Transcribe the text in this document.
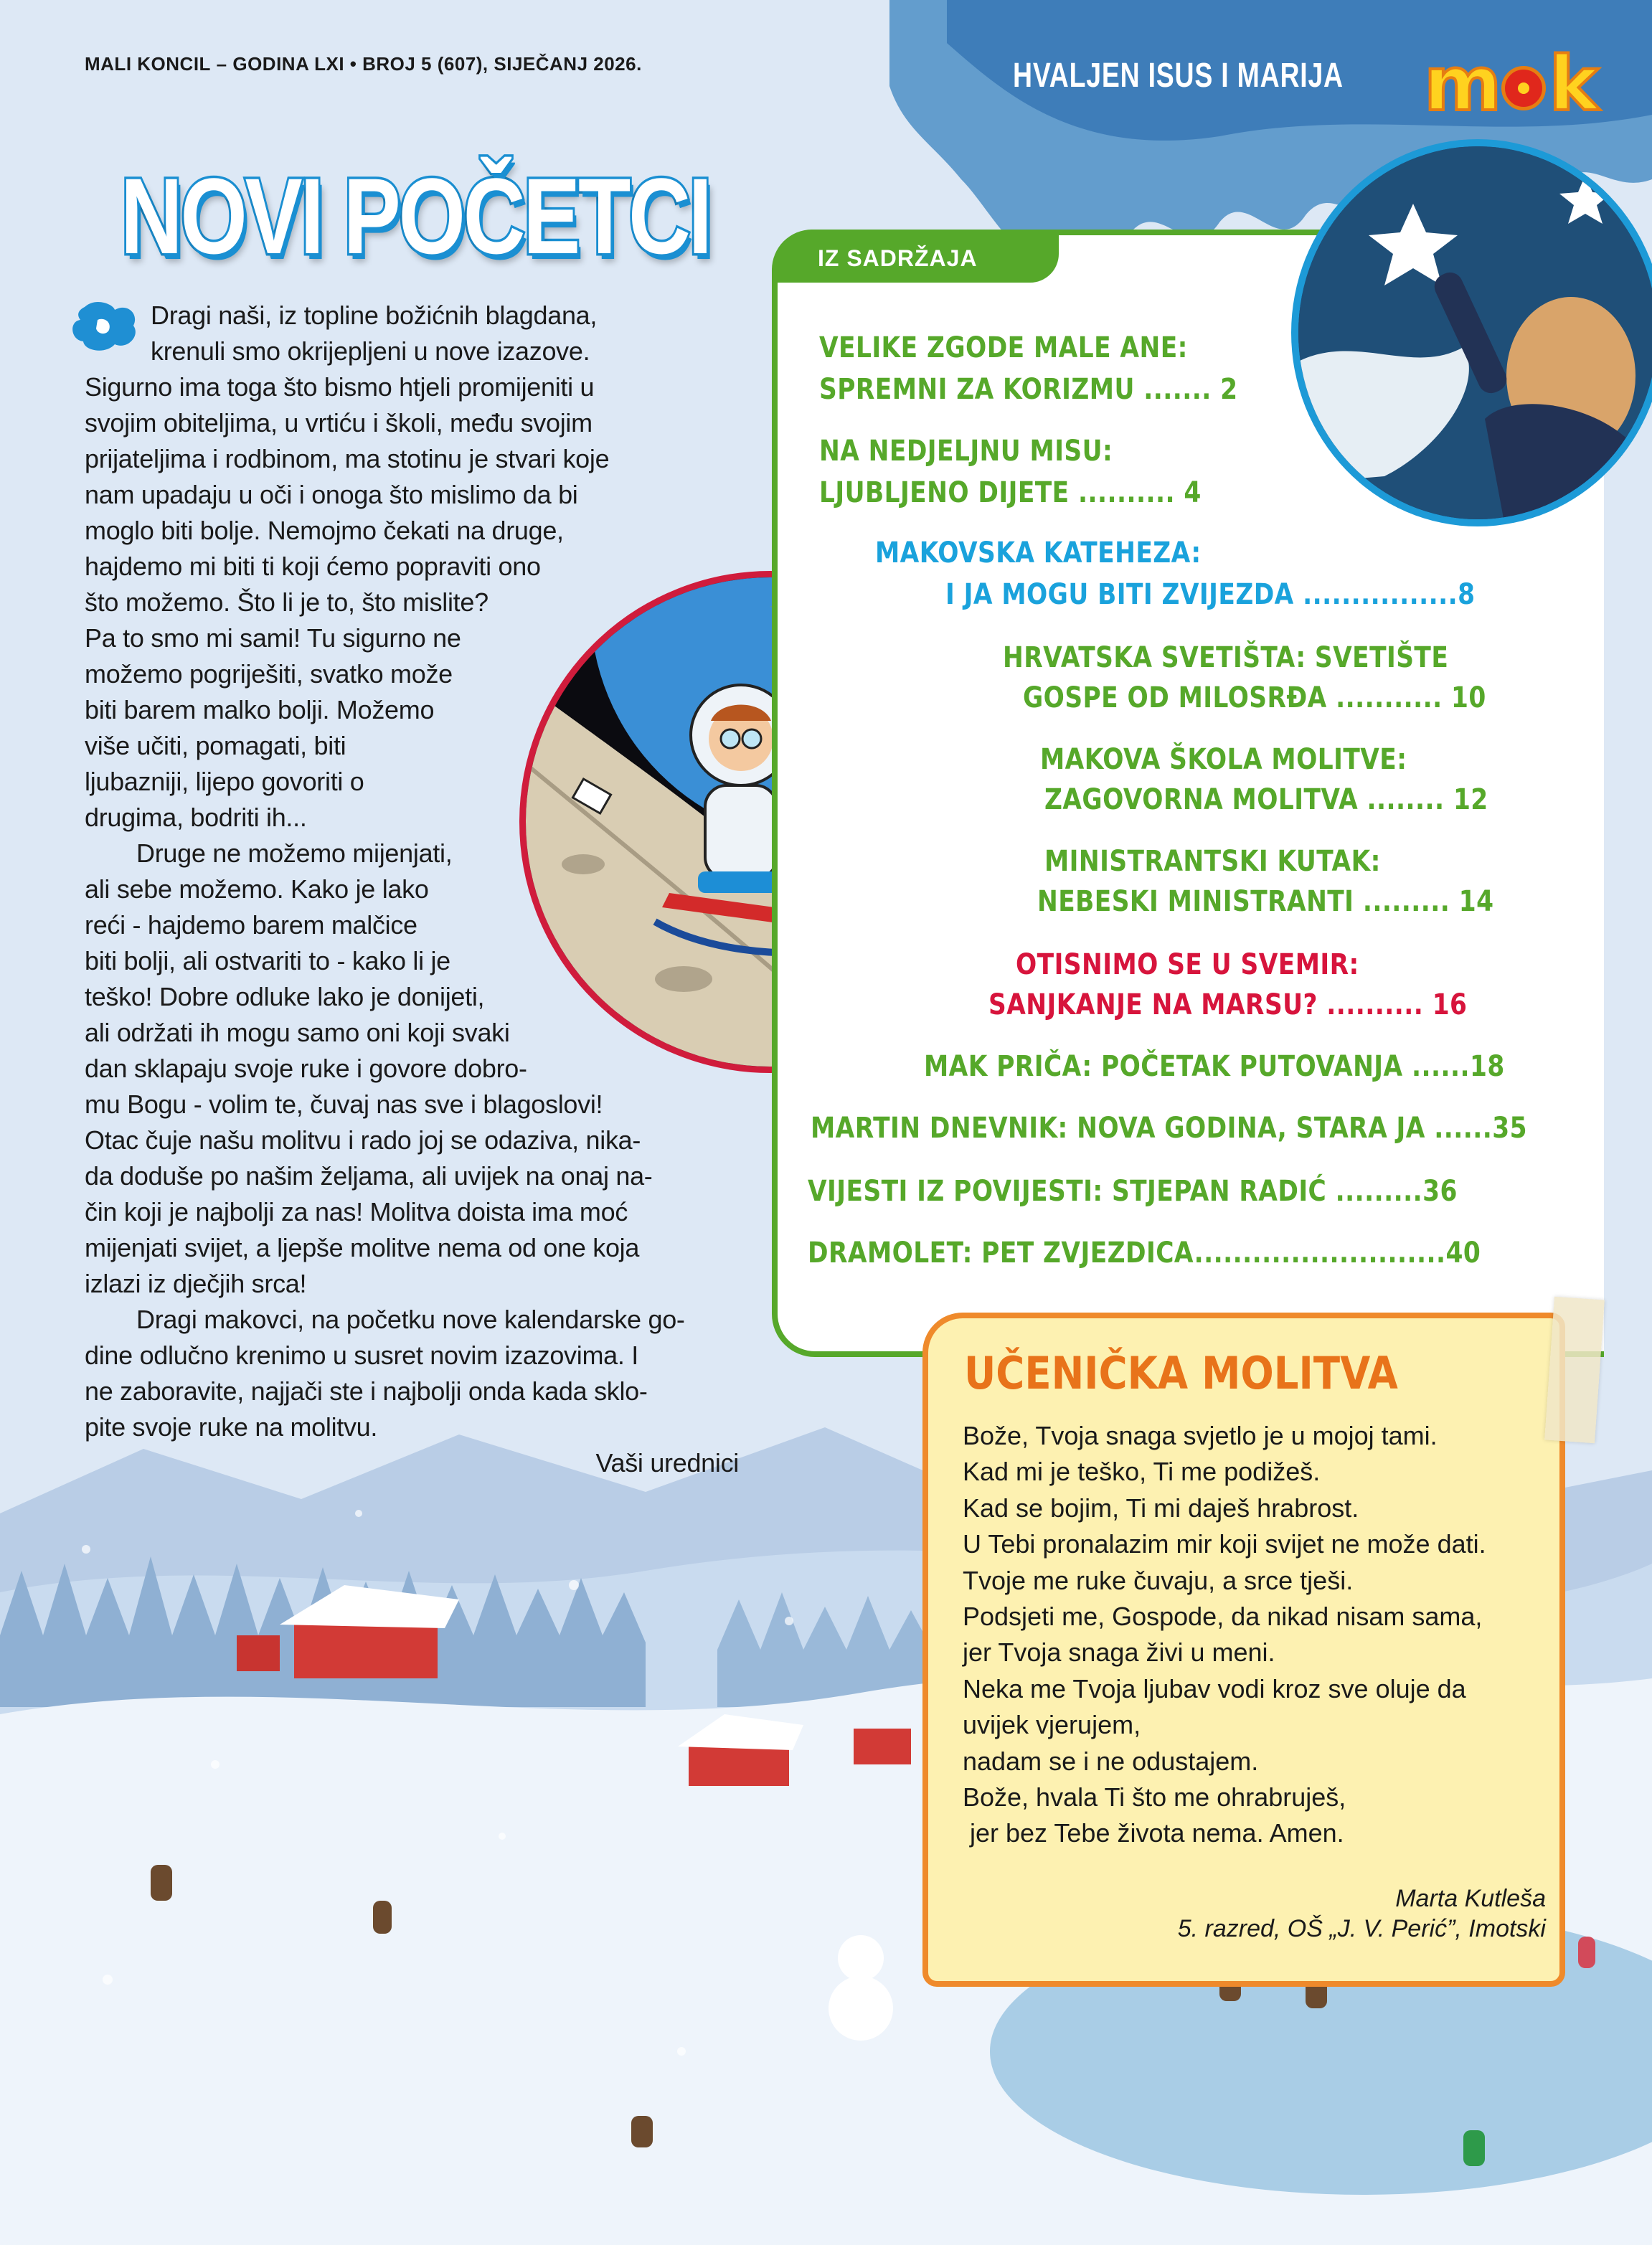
MALI KONCIL – GODINA LXI • BROJ 5 (607), SIJEČANJ 2026.	HVALJEN ISUS I MARIJA m k
NOVI POČETCI
Dragi naši, iz topline božićnih blagdana,
krenuli smo okrijepljeni u nove izazove.
Sigurno ima toga što bismo htjeli promijeniti u
svojim obiteljima, u vrtiću i školi, među svojim
prijateljima i rodbinom, ma stotinu je stvari koje
nam upadaju u oči i onoga što mislimo da bi
moglo biti bolje. Nemojmo čekati na druge,
hajdemo mi biti ti koji ćemo popraviti ono
što možemo. Što li je to, što mislite?
Pa to smo mi sami! Tu sigurno ne
možemo pogriješiti, svatko može
biti barem malko bolji. Možemo
više učiti, pomagati, biti
ljubazniji, lijepo govoriti o
drugima, bodriti ih...
Druge ne možemo mijenjati,
ali sebe možemo. Kako je lako
reći - hajdemo barem malčice
biti bolji, ali ostvariti to - kako li je
teško! Dobre odluke lako je donijeti,
ali održati ih mogu samo oni koji svaki
dan sklapaju svoje ruke i govore dobro-
mu Bogu - volim te, čuvaj nas sve i blagoslovi!
Otac čuje našu molitvu i rado joj se odaziva, nika-
da doduše po našim željama, ali uvijek na onaj na-
čin koji je najbolji za nas! Molitva doista ima moć
mijenjati svijet, a ljepše molitve nema od one koja
izlazi iz dječjih srca!
Dragi makovci, na početku nove kalendarske go-
dine odlučno krenimo u susret novim izazovima. I
ne zaboravite, najjači ste i najbolji onda kada sklo-
pite svoje ruke na molitvu.
Vaši urednici
IZ SADRŽAJA
VELIKE ZGODE MALE ANE:
SPREMNI ZA KORIZMU ....... 2
NA NEDJELJNU MISU:
LJUBLJENO DIJETE .......... 4
MAKOVSKA KATEHEZA:
I JA MOGU BITI ZVIJEZDA ................8
HRVATSKA SVETIŠTA: SVETIŠTE
GOSPE OD MILOSRĐA ........... 10
MAKOVA ŠKOLA MOLITVE:
ZAGOVORNA MOLITVA ........ 12
MINISTRANTSKI KUTAK:
NEBESKI MINISTRANTI ......... 14
OTISNIMO SE U SVEMIR:
SANJKANJE NA MARSU? .......... 16
MAK PRIČA: POČETAK PUTOVANJA ......18
MARTIN DNEVNIK: NOVA GODINA, STARA JA ......35
VIJESTI IZ POVIJESTI: STJEPAN RADIĆ .........36
DRAMOLET: PET ZVJEZDICA..........................40
UČENIČKA MOLITVA
Bože, Tvoja snaga svjetlo je u mojoj tami.
Kad mi je teško, Ti me podižeš.
Kad se bojim, Ti mi daješ hrabrost.
U Tebi pronalazim mir koji svijet ne može dati.
Tvoje me ruke čuvaju, a srce tješi.
Podsjeti me, Gospode, da nikad nisam sama,
jer Tvoja snaga živi u meni.
Neka me Tvoja ljubav vodi kroz sve oluje da
uvijek vjerujem,
nadam se i ne odustajem.
Bože, hvala Ti što me ohrabruješ,
jer bez Tebe života nema. Amen.
Marta Kutleša
5. razred, OŠ „J. V. Perić”, Imotski
